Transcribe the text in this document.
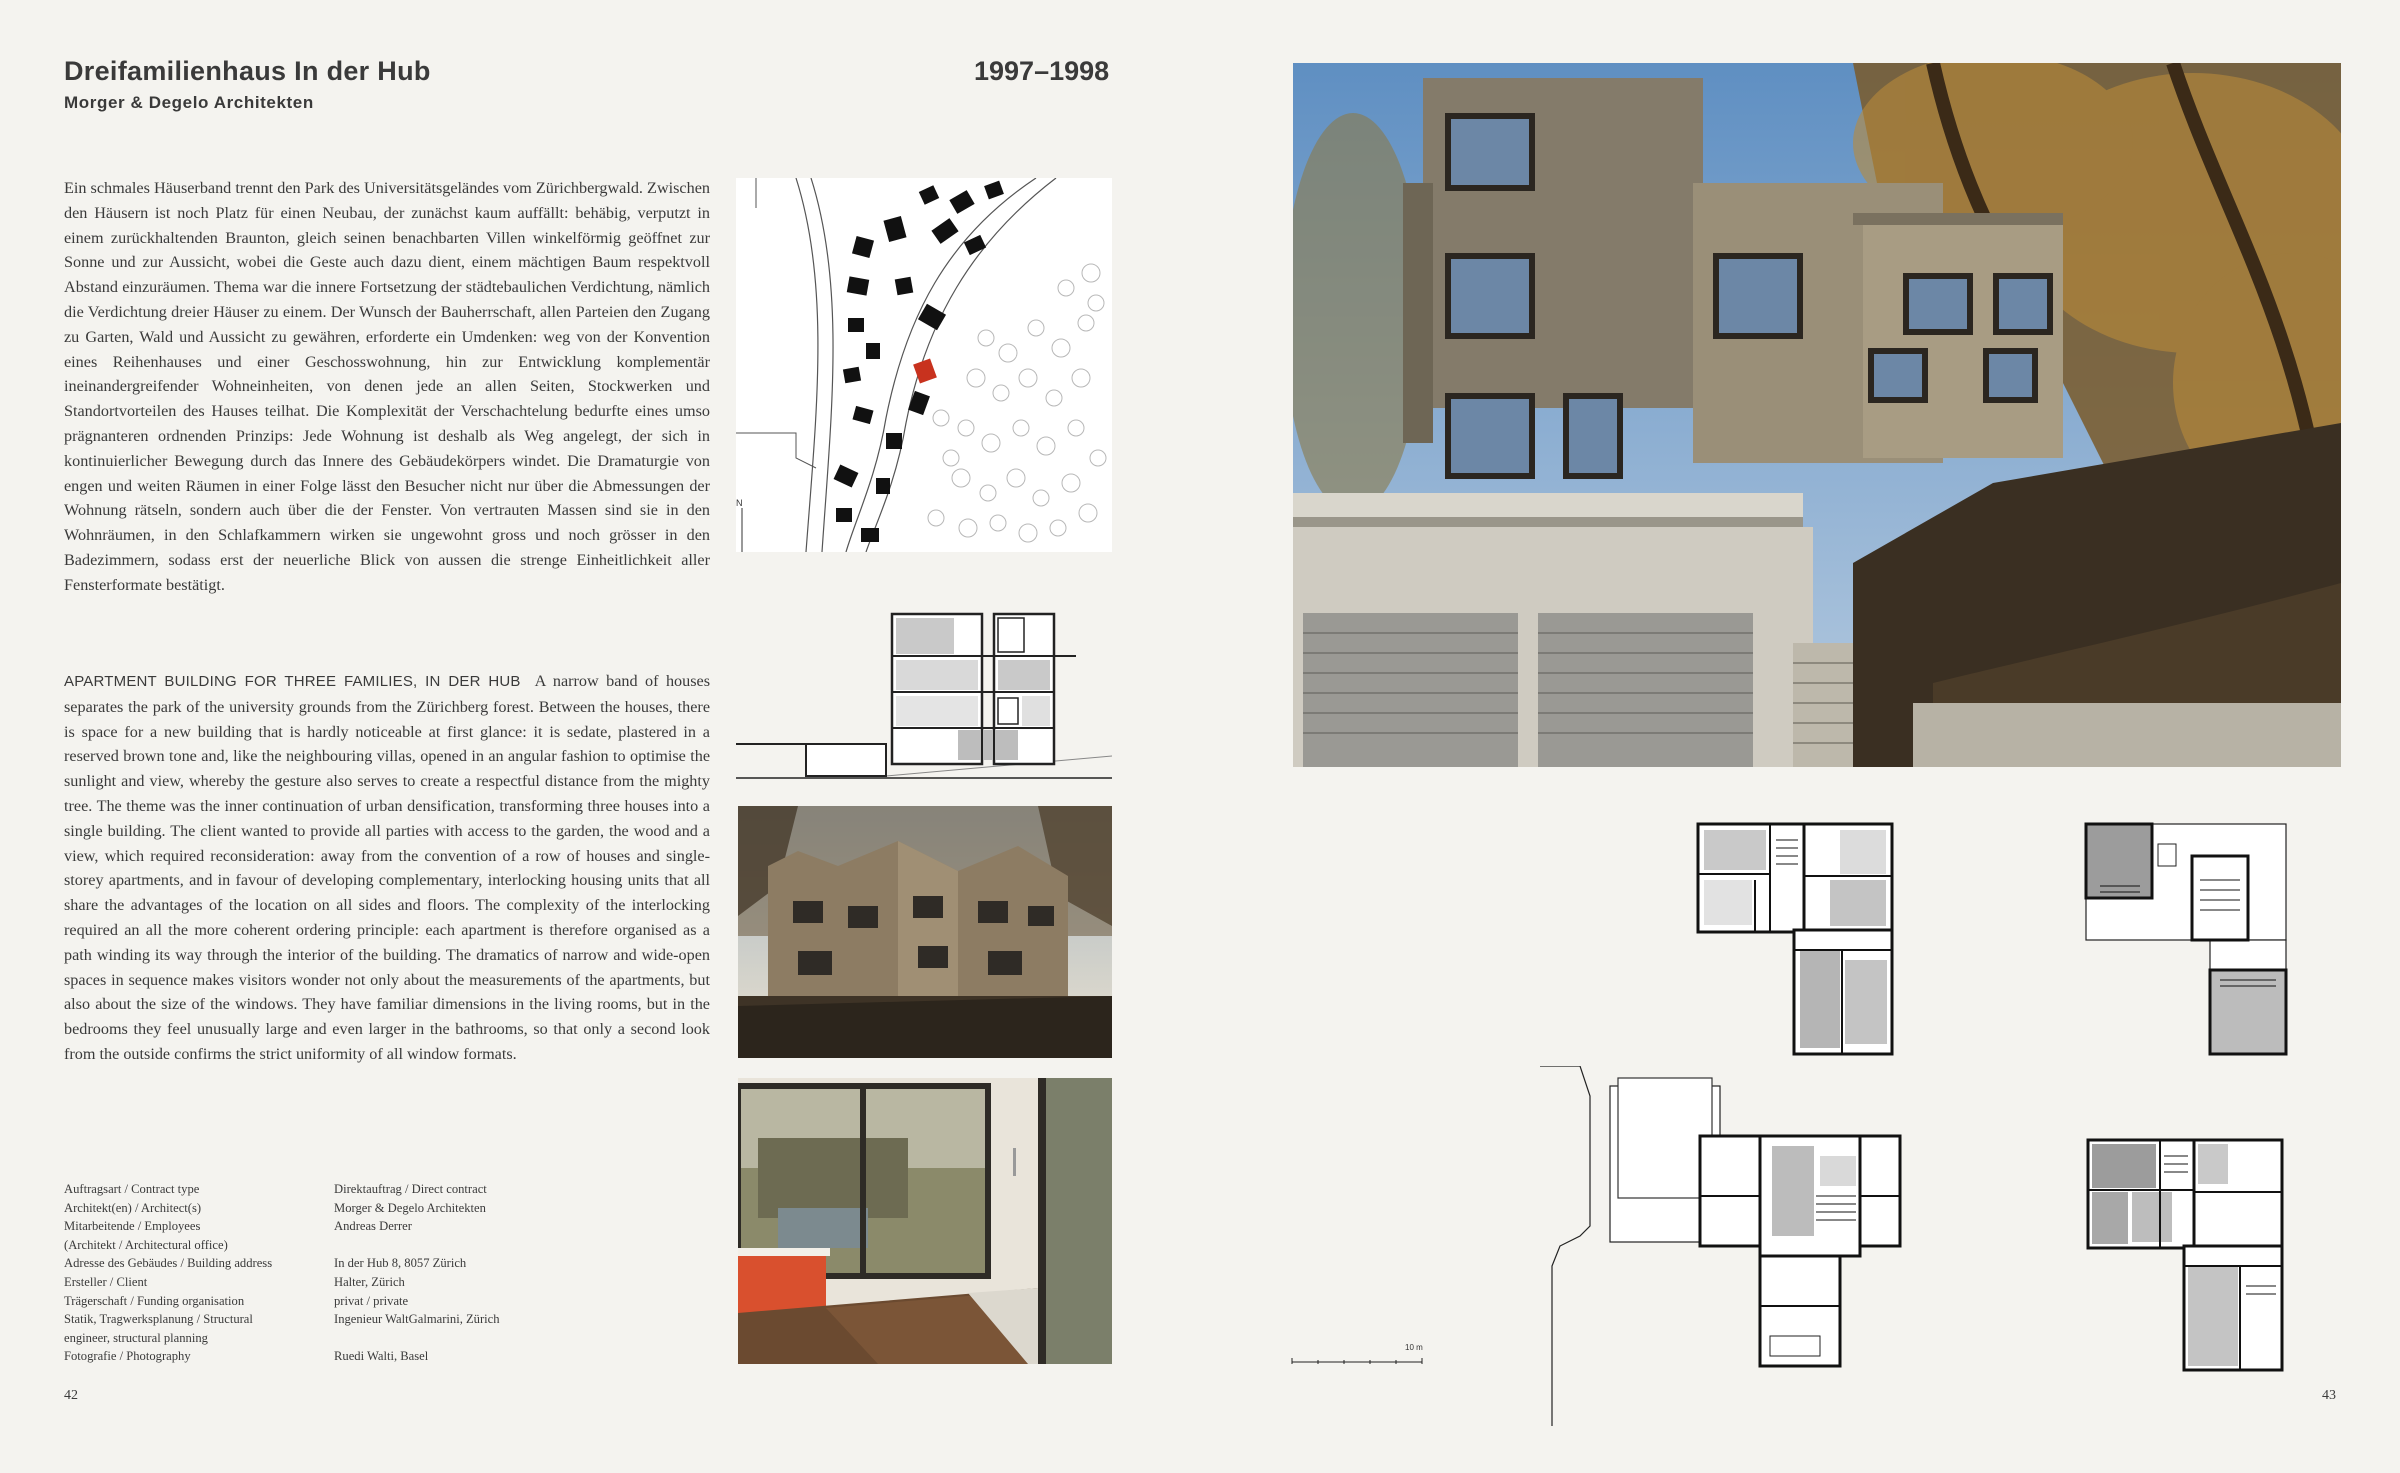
Dreifamilienhaus In der Hub
Morger & Degelo Architekten
1997–1998
Ein schmales Häuserband trennt den Park des Universitätsgeländes vom Zürichbergwald. Zwischen den Häusern ist noch Platz für einen Neubau, der zunächst kaum auffällt: behäbig, verputzt in einem zurückhaltenden Braunton, gleich seinen benachbarten Villen winkelförmig geöffnet zur Sonne und zur Aussicht, wobei die Geste auch dazu dient, einem mächtigen Baum respektvoll Abstand einzuräumen. Thema war die innere Fortsetzung der städtebaulichen Verdichtung, nämlich die Verdichtung dreier Häuser zu einem. Der Wunsch der Bauherrschaft, allen Parteien den Zugang zu Garten, Wald und Aussicht zu gewähren, erforderte ein Umdenken: weg von der Konvention eines Reihenhauses und einer Geschosswohnung, hin zur Entwicklung komplementär ineinandergreifender Wohneinheiten, von denen jede an allen Seiten, Stockwerken und Standortvorteilen des Hauses teilhat. Die Komplexität der Verschachtelung bedurfte eines umso prägnanteren ordnenden Prinzips: Jede Wohnung ist deshalb als Weg angelegt, der sich in kontinuierlicher Bewegung durch das Innere des Gebäudekörpers windet. Die Dramaturgie von engen und weiten Räumen in einer Folge lässt den Besucher nicht nur über die Abmessungen der Wohnung rätseln, sondern auch über die der Fenster. Von vertrauten Massen sind sie in den Wohnräumen, in den Schlafkammern wirken sie ungewohnt gross und noch grösser in den Badezimmern, sodass erst der neuerliche Blick von aussen die strenge Einheitlichkeit aller Fensterformate bestätigt.
APARTMENT BUILDING FOR THREE FAMILIES, IN DER HUB A narrow band of houses separates the park of the university grounds from the Zürichberg forest. Between the houses, there is space for a new building that is hardly noticeable at first glance: it is sedate, plastered in a reserved brown tone and, like the neighbouring villas, opened in an angular fashion to optimise the sunlight and view, whereby the gesture also serves to create a respectful distance from the mighty tree. The theme was the inner continuation of urban densification, transforming three houses into a single building. The client wanted to provide all parties with access to the garden, the wood and a view, which required reconsideration: away from the convention of a row of houses and single-storey apartments, and in favour of developing complementary, interlocking housing units that all share the advantages of the location on all sides and floors. The complexity of the interlocking required an all the more coherent ordering principle: each apartment is therefore organised as a path winding its way through the interior of the building. The dramatics of narrow and wide-open spaces in sequence makes visitors wonder not only about the measurements of the apartments, but also about the size of the windows. They have familiar dimensions in the living rooms, but in the bedrooms they feel unusually large and even larger in the bathrooms, so that only a second look from the outside confirms the strict uniformity of all window formats.
Auftragsart / Contract type	Direktauftrag / Direct contract
Architekt(en) / Architect(s)	Morger & Degelo Architekten
Mitarbeitende / Employees	Andreas Derrer
(Architekt / Architectural office)
Adresse des Gebäudes / Building address	In der Hub 8, 8057 Zürich
Ersteller / Client	Halter, Zürich
Trägerschaft / Funding organisation	privat / private
Statik, Tragwerksplanung / Structural	Ingenieur WaltGalmarini, Zürich
engineer, structural planning
Fotografie / Photography	Ruedi Walti, Basel
42	43
N
10 m
